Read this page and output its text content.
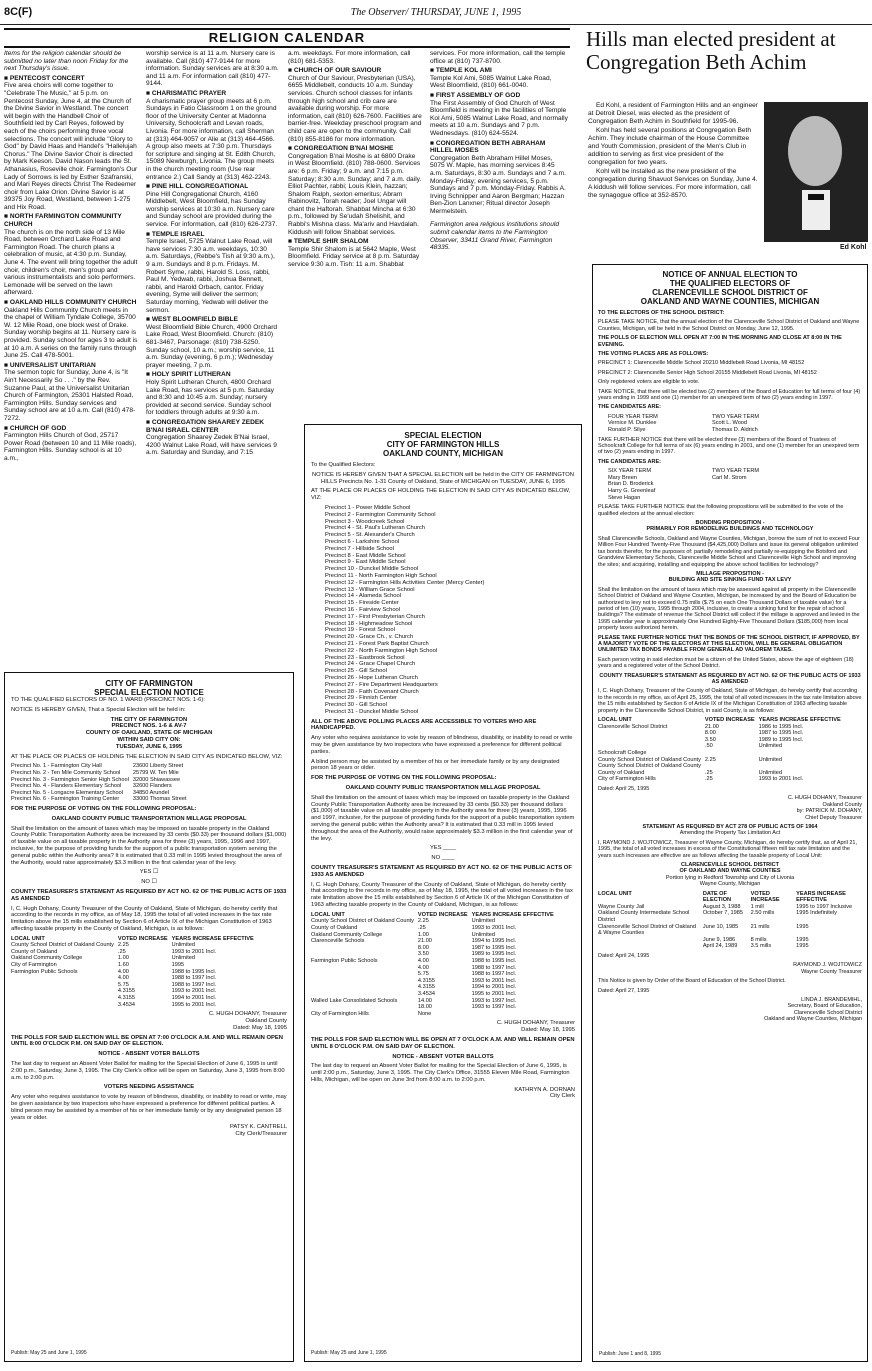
8C(F)	The Observer/ THURSDAY, JUNE 1, 1995
RELIGION CALENDAR

Items for the religion calendar should be submitted no later than noon Friday for the next Thursday's issue.

■ PENTECOST CONCERT
Five area choirs will come together to "Celebrate The Music," at 5 p.m. on Pentecost Sunday, June 4, at the Church of the Divine Savior in Westland. The concert will begin with the Handbell Choir of Southfield led by Carl Reyes, followed by each of the choirs performing three vocal selections. The concert will include "Glory to God" by David Haas and Handel's "Hallelujah Chorus." The Divine Savior Choir is directed by Mark Keeson. David Nason leads the St. Athanasius, Roseville choir. Farmington's Our Lady of Sorrows is led by Esther Szafranski, and Mari Reyes directs Christ The Redeemer choir from Lake Orion. Divine Savior is at 39375 Joy Road, Westland, between 1-275 and Hix Road.

■ NORTH FARMINGTON COMMUNITY CHURCH
The church is on the north side of 13 Mile Road, between Orchard Lake Road and Farmington Road. The church plans a celebration of music, at 4:30 p.m. Sunday, June 4. The event will bring together the adult choir, children's choir, men's group and various instrumentalists and solo performers. Lemonade will be served on the lawn afterward.

■ OAKLAND HILLS COMMUNITY CHURCH
Oakland Hills Community Church meets in the chapel of William Tyndale College, 35700 W. 12 Mile Road, one block west of Drake. Sunday worship begins at 11. Nursery care is provided. Sunday school for ages 3 to adult is at 10 a.m. A series on the family runs through June 25. Call 478-5001.

■ UNIVERSALIST UNITARIAN
The sermon topic for Sunday, June 4, is "It Ain't Necessarily So . . ." by the Rev. Suzanne Paul, at the Universalist Unitarian Church of Farmington, 25301 Halsted Road, Farmington Hills. Sunday services and Sunday school are at 10 a.m. Call (810) 478-7272.

■ CHURCH OF GOD
Farmington Hills Church of God, 25717 Power Road (between 10 and 11 Mile roads), Farmington Hills. Sunday school is at 10 a.m.,

worship service is at 11 a.m. Nursery care is available. Call (810) 477-9144 for more information. Sunday services are at 8:30 a.m. and 11 a.m. For information call (810) 477-9144.

■ CHARISMATIC PRAYER
A charismatic prayer group meets at 6 p.m. Sundays in Fatio Classroom 1 on the ground floor of the University Center at Madonna University, Schoolcraft and Levan roads, Livonia. For more information, call Sherman at (313) 464-9057 or Alie at (313) 464-4566. A group also meets at 7:30 p.m. Thursdays for scripture and singing at St. Edith Church, 15089 Newburgh, Livonia. The group meets in the church meeting room (Use rear entrance 2.) Call Sandy at (313) 462-2243.

■ PINE HILL CONGREGATIONAL
Pine Hill Congregational Church, 4160 Middlebelt, West Bloomfield, has Sunday worship services at 10:30 a.m. Nursery care and Sunday school are provided during the service. For information, call (810) 626-2737.

■ TEMPLE ISRAEL
Temple Israel, 5725 Walnut Lake Road, will have services 7:30 a.m. weekdays, 10:30 a.m. Saturdays, (Rebbe's Tish at 9:30 a.m.), 9 a.m. Sundays and 8 p.m. Fridays. M. Robert Syme, rabbi, Harold S. Loss, rabbi, Paul M. Yedwab, rabbi, Joshua Bennett, rabbi, and Harold Orbach, cantor. Friday evening, Syme will deliver the sermon; Saturday morning, Yedwab will deliver the sermon.

■ WEST BLOOMFIELD BIBLE
West Bloomfield Bible Church, 4900 Orchard Lake Road, West Bloomfield. Church: (810) 681-3467, Parsonage: (810) 738-5250. Sunday school, 10 a.m.; worship service, 11 a.m. Sunday (evening, 6 p.m.); Wednesday prayer meeting, 7 p.m.

■ HOLY SPIRIT LUTHERAN
Holy Spirit Lutheran Church, 4800 Orchard Lake Road, has services at 5 p.m. Saturday and 8:30 and 10:45 a.m. Sunday; nursery provided at second service. Sunday school for toddlers through adults at 9:30 a.m.

■ CONGREGATION SHAAREY ZEDEK B'NAI ISRAEL CENTER
Congregation Shaarey Zedek B'Nai Israel, 4200 Walnut Lake Road, will have services 9 a.m. Saturday and Sunday, and 7:15

a.m. weekdays. For more information, call (810) 681-5353.

■ CHURCH OF OUR SAVIOUR
Church of Our Saviour, Presbyterian (USA), 6655 Middlebelt, conducts 10 a.m. Sunday services. Church school classes for infants through high school and crib care are available during worship. For more information, call (810) 626-7600. Facilities are barrier-free. Weekday preschool program and child care are open to the community. Call (810) 855-8186 for more information.

■ CONGREGATION B'NAI MOSHE
Congregation B'nai Moshe is at 6800 Drake in West Bloomfield. (810) 788-0600. Services are: 6 p.m. Friday; 9 a.m. and 7:15 p.m. Saturday; 8:30 a.m. Sunday; and 7 a.m. daily. Elliot Pachter, rabbi; Louis Klein, hazzan; Shalom Ralph, sexton emeritus; Abram Rabinovitz, Torah reader; Joel Ungar will chant the Haftorah. Shabbat Mincha at 6:30 p.m., followed by Se'udah Shelishit, and Rabbi's Mishna class. Ma'ariv and Havdalah. Kiddush will follow Shabbat services.

■ TEMPLE SHIR SHALOM
Temple Shir Shalom is at 5642 Maple, West Bloomfield. Friday service at 8 p.m. Saturday service 9:30 a.m. Tish: 11 a.m. Shabbat

services. For more information, call the temple office at (810) 737-8700.

■ TEMPLE KOL AMI
Temple Kol Ami, 5085 Walnut Lake Road, West Bloomfield, (810) 661-0040.

■ FIRST ASSEMBLY OF GOD
The First Assembly of God Church of West Bloomfield is meeting in the facilities of Temple Kol Ami, 5085 Walnut Lake Road, and normally meets at 10 a.m. Sundays and 7 p.m. Wednesdays. (810) 624-5524.

■ CONGREGATION BETH ABRAHAM HILLEL MOSES
Congregation Beth Abraham Hillel Moses, 5075 W. Maple, has morning services 8:45 a.m. Saturdays, 8:30 a.m. Sundays and 7 a.m. Monday-Friday; evening services, 5 p.m. Sundays and 7 p.m. Monday-Friday. Rabbis A. Irving Schnipper and Aaron Bergman; Hazzan Ben-Zion Lanxner; Ritual director Joseph Mermelstein.

Farmington area religious institutions should submit calendar items to the Farmington Observer, 33411 Grand River, Farmington 48335.

Hills man elected president at Congregation Beth Achim

Ed Kohl, a resident of Farmington Hills and an engineer at Detroit Diesel, was elected as the president of Congregation Beth Achim in Southfield for 1995-96.

Kohl has held several positions at Congregation Beth Achim. They include chairman of the House Committee and Youth Commission, president of the Men's Club in addition to serving as first vice president of the congregation for two years.

Kohl will be installed as the new president of the congregation during Shavuot Services on Sunday, June 4. A kiddush will follow services. For more information, call the synagogue office at 352-8570.

Ed Kohl
CITY OF FARMINGTON
SPECIAL ELECTION NOTICE

TO THE QUALIFIED ELECTORS OF NO. 1 WARD (PRECINCT NOS. 1-6):

NOTICE IS HEREBY GIVEN, That a Special Election will be held in:

THE CITY OF FARMINGTON

PRECINCT NOS. 1-6 & AV-7

COUNTY OF OAKLAND, STATE OF MICHIGAN

WITHIN SAID CITY ON:

TUESDAY, JUNE 6, 1995

AT THE PLACE OR PLACES OF HOLDING THE ELECTION IN SAID CITY AS INDICATED BELOW, VIZ:

Precinct No. 1 - Farmington City Hall	23600 Liberty Street
Precinct No. 2 - Ten Mile Community School	25799 W. Ten Mile
Precinct No. 3 - Farmington Senior High School	32000 Shiawassee
Precinct No. 4 - Flanders Elementary School	32600 Flanders
Precinct No. 5 - Longacre Elementary School	34850 Arundel
Precinct No. 6 - Farmington Training Center	33000 Thomas Street

FOR THE PURPOSE OF VOTING ON THE FOLLOWING PROPOSAL:

OAKLAND COUNTY PUBLIC TRANSPORTATION MILLAGE PROPOSAL

Shall the limitation on the amount of taxes which may be imposed on taxable property in the Oakland County Public Transportation Authority area be increased by 33 cents ($0.33) per thousand dollars ($1,000) of taxable value on all taxable property in the Authority area for three (3) years, 1995, 1996 and 1997, inclusive, for the purpose of providing funds for the support of a public transportation system serving the general public within the Authority area? It is estimated that 0.33 mill in 1995 levied throughout the area of the Authority, would raise approximately $3.3 million in the first calendar year of the levy.

YES ☐

NO ☐

COUNTY TREASURER'S STATEMENT AS REQUIRED BY ACT NO. 62 OF THE PUBLIC ACTS OF 1933 AS AMENDED

I, C. Hugh Dohany, County Treasurer of the County of Oakland, State of Michigan, do hereby certify that according to the records in my office, as of May 18, 1995 the total of all voted increases in the tax rate limitation above the 15 mills established by Section 6 of Article IX of the Michigan Constitution of 1963 affecting taxable property in the County of Oakland, Michigan, is as follows:

LOCAL UNIT	VOTED INCREASE	YEARS INCREASE EFFECTIVE
County School District of Oakland County	2.25	Unlimited
County of Oakland	.25	1993 to 2001 Incl.
Oakland Community College	1.00	Unlimited
City of Farmington	1.60	1995
Farmington Public Schools	4.00	1988 to 1995 Incl.
	4.00	1988 to 1997 Incl.
	5.75	1988 to 1997 Incl.
	4.3155	1993 to 2001 Incl.
	4.3155	1994 to 2001 Incl.
	3.4534	1995 to 2001 Incl.

C. HUGH DOHANY, Treasurer
Oakland County
Dated: May 18, 1995

THE POLLS FOR SAID ELECTION WILL BE OPEN AT 7:00 O'CLOCK A.M. AND WILL REMAIN OPEN UNTIL 8:00 O'CLOCK P.M. ON SAID DAY OF ELECTION.

NOTICE - ABSENT VOTER BALLOTS

The last day to request an Absent Voter Ballot for mailing for the Special Election of June 6, 1995 is until 2:00 p.m., Saturday, June 3, 1995. The City Clerk's office will be open on Saturday, June 3, 1995 from 8:00 a.m. to 2:00 p.m.

VOTERS NEEDING ASSISTANCE

Any voter who requires assistance to vote by reason of blindness, disability, or inability to read or write, may be given assistance by two inspectors who have expressed a preference for different political parties. A blind person may be assisted by a member of his or her immediate family or by any designated person 18 years or older.

PATSY K. CANTRELL
City Clerk/Treasurer

Publish: May 25 and June 1, 1995
SPECIAL ELECTION
CITY OF FARMINGTON HILLS
OAKLAND COUNTY, MICHIGAN

To the Qualified Electors:

NOTICE IS HEREBY GIVEN THAT A SPECIAL ELECTION will be held in the CITY OF FARMINGTON HILLS Precincts No. 1-31 County of Oakland, State of MICHIGAN on TUESDAY, JUNE 6, 1995

AT THE PLACE OR PLACES OF HOLDING THE ELECTION IN SAID CITY AS INDICATED BELOW, VIZ:

Precinct 1 - Power Middle School
Precinct 2 - Farmington Community School
Precinct 3 - Woodcreek School
Precinct 4 - St. Paul's Lutheran Church
Precinct 5 - St. Alexander's Church
Precinct 6 - Larkshire School
Precinct 7 - Hillside School
Precinct 8 - East Middle School
Precinct 9 - East Middle School
Precinct 10 - Dunckel Middle School
Precinct 11 - North Farmington High School
Precinct 12 - Farmington Hills Activities Center (Mercy Center)
Precinct 13 - William Grace School
Precinct 14 - Alameda School
Precinct 15 - Fireside Center
Precinct 16 - Fairview School
Precinct 17 - First Presbyterian Church
Precinct 18 - Highmeadow School
Precinct 19 - Forest School
Precinct 20 - Grace Ch., v. Church
Precinct 21 - Forest Park Baptist Church
Precinct 22 - North Farmington High School
Precinct 23 - Eastbrook School
Precinct 24 - Grace Chapel Church
Precinct 25 - Gill School
Precinct 26 - Hope Lutheran Church
Precinct 27 - Fire Department Headquarters
Precinct 28 - Faith Covenant Church
Precinct 29 - Finnish Center
Precinct 30 - Gill School
Precinct 31 - Dunckel Middle School

ALL OF THE ABOVE POLLING PLACES ARE ACCESSIBLE TO VOTERS WHO ARE HANDICAPPED.

Any voter who requires assistance to vote by reason of blindness, disability, or inability to read or write may be given assistance by two inspectors who have expressed a preference for different political parties.

A blind person may be assisted by a member of his or her immediate family or by any designated person 18 years or older.

FOR THE PURPOSE OF VOTING ON THE FOLLOWING PROPOSAL:

OAKLAND COUNTY PUBLIC TRANSPORTATION MILLAGE PROPOSAL

Shall the limitation on the amount of taxes which may be imposed on taxable property in the Oakland County Public Transportation Authority area be increased by 33 cents ($0.33) per thousand dollars ($1,000) of taxable value on all taxable property in the Authority area for three (3) years, 1995, 1996 and 1997, inclusive, for the purpose of providing funds for the support of a public transportation system serving the general public within the Authority area? It is estimated that 0.33 mill in 1995 levied throughout the area of the Authority, would raise approximately $3.3 million in the first calendar year of the levy.

YES ____

NO ____

COUNTY TREASURER'S STATEMENT AS REQUIRED BY ACT NO. 62 OF THE PUBLIC ACTS OF 1933 AS AMENDED

I, C. Hugh Dohany, County Treasurer of the County of Oakland, State of Michigan, do hereby certify that according to the records in my office, as of May 18, 1995, the total of all voted increases in the tax rate limitation above the 15 mills established by Section 6 of Article IX of the Michigan Constitution of 1963 affecting taxable property in the County of Oakland, Michigan, is as follows:

LOCAL UNIT	VOTED INCREASE	YEARS INCREASE EFFECTIVE
County School District of Oakland County	2.25	Unlimited
County of Oakland	.25	1993 to 2001 Incl.
Oakland Community College	1.00	Unlimited
Clarenceville Schools	21.00	1994 to 1995 Incl.
	8.00	1987 to 1995 Incl.
	3.50	1989 to 1995 Incl.
Farmington Public Schools	4.00	1988 to 1995 Incl.
	4.00	1988 to 1997 Incl.
	5.75	1988 to 1997 Incl.
	4.3155	1993 to 2001 Incl.
	4.3155	1994 to 2001 Incl.
	3.4534	1995 to 2001 Incl.
Walled Lake Consolidated Schools	14.00	1993 to 1997 Incl.
	18.00	1993 to 1997 Incl.
City of Farmington Hills	None	

C. HUGH DOHANY, Treasurer
Dated: May 18, 1995

THE POLLS FOR SAID ELECTION WILL BE OPEN AT 7 O'CLOCK A.M. AND WILL REMAIN OPEN UNTIL 8 O'CLOCK P.M. ON SAID DAY OF ELECTION.

NOTICE - ABSENT VOTER BALLOTS

The last day to request an Absent Voter Ballot for mailing for the Special Election of June 6, 1995, is until 2:00 p.m., Saturday, June 3, 1995. The City Clerk's Office, 31555 Eleven Mile Road, Farmington Hills, Michigan, will be open on June 3rd from 8:00 a.m. to 2:00 p.m.

KATHRYN A. DORNAN
City Clerk

Publish: May 25 and June 1, 1995
NOTICE OF ANNUAL ELECTION TO
THE QUALIFIED ELECTORS OF
CLARENCEVILLE SCHOOL DISTRICT OF
OAKLAND AND WAYNE COUNTIES, MICHIGAN

TO THE ELECTORS OF THE SCHOOL DISTRICT:

PLEASE TAKE NOTICE, that the annual election of the Clarenceville School District of Oakland and Wayne Counties, Michigan, will be held in the School District on Monday, June 12, 1995.

THE POLLS OF ELECTION WILL OPEN AT 7:00 IN THE MORNING AND CLOSE AT 8:00 IN THE EVENING.

THE VOTING PLACES ARE AS FOLLOWS:

PRECINCT 1: Clarenceville Middle School 20210 Middlebelt Road Livonia, MI 48152

PRECINCT 2: Clarenceville Senior High School 20155 Middlebelt Road Livonia, MI 48152

Only registered voters are eligible to vote.

TAKE NOTICE, that there will be elected two (2) members of the Board of Education for full terms of four (4) years ending in 1999 and one (1) member for an unexpired term of two (2) years ending in 1997.

THE CANDIDATES ARE:

FOUR YEAR TERM	TWO YEAR TERM
Vernice M. Dunklee	Scott L. Wood
Ronald P. Silye	Thomas D. Aldrich

TAKE FURTHER NOTICE that there will be elected three (3) members of the Board of Trustees of Schoolcraft College for full terms of six (6) years ending in 2001, and one (1) member for an unexpired term of two (2) years ending in 1997.

THE CANDIDATES ARE:

SIX YEAR TERM	TWO YEAR TERM
Mary Breen	Carl M. Strom
Brian D. Broderick	
Harry G. Greenleaf	
Steve Hagan	

PLEASE TAKE FURTHER NOTICE that the following propositions will be submitted to the vote of the qualified electors at the annual election:

BONDING PROPOSITION -

PRIMARILY FOR REMODELING BUILDINGS AND TECHNOLOGY

Shall Clarenceville Schools, Oakland and Wayne Counties, Michigan, borrow the sum of not to exceed Four Million Four Hundred Twenty-Five Thousand ($4,425,000) Dollars and issue its general obligation unlimited tax bonds therefor, for the purposes of: partially remodeling and partially re-equipping the Botsford and Grandview Elementary Schools, Clarenceville Middle School and Clarenceville High School and improving the sites; and acquiring, installing and equipping the above school facilities for technology?

MILLAGE PROPOSITION -

BUILDING AND SITE SINKING FUND TAX LEVY

Shall the limitation on the amount of taxes which may be assessed against all property in the Clarenceville School District of Oakland and Wayne Counties, Michigan, be increased by and the Board of Education be authorized to levy not to exceed 0.75 mills ($.75 on each One Thousand Dollars of taxable value) for a period of ten (10) years, 1995 through 2004, inclusive, to create a sinking fund for the repair of school buildings? The estimate of revenue the School District will collect if the millage is approved and levied in the 1995 calendar year is approximately One Hundred Eighty-Five Thousand Dollars ($185,000) from local property taxes authorized herein.

PLEASE TAKE FURTHER NOTICE THAT THE BONDS OF THE SCHOOL DISTRICT, IF APPROVED, BY A MAJORITY VOTE OF THE ELECTORS AT THIS ELECTION, WILL BE GENERAL OBLIGATION UNLIMITED TAX BONDS PAYABLE FROM GENERAL AD VALOREM TAXES.

Each person voting in said election must be a citizen of the United States, above the age of eighteen (18) years and a registered voter of the School District.

COUNTY TREASURER'S STATEMENT AS REQUIRED BY ACT NO. 62 OF THE PUBLIC ACTS OF 1933 AS AMENDED

I, C. Hugh Dohany, Treasurer of the County of Oakland, State of Michigan, do hereby certify that according to the records in my office, as of April 25, 1995, the total of all voted increases in the tax rate limitation above the 15 mills established by Section 6 of Article IX of the Michigan Constitution of 1963 affecting taxable property in the Clarenceville School District, in said County, is as follows:

LOCAL UNIT	VOTED INCREASE	YEARS INCREASE EFFECTIVE
Clarenceville School District	21.00	1986 to 1995 Incl.
	8.00	1987 to 1995 Incl.
	3.50	1989 to 1995 Incl.
	.50	Unlimited
Schoolcraft College		
County School District of Oakland County	2.25	Unlimited
County School District of Oakland County		
County of Oakland	.25	Unlimited
City of Farmington Hills	.25	1993 to 2001 Incl.

Dated: April 25, 1995

C. HUGH DOHANY, Treasurer
Oakland County
by: PATRICK M. DOHANY,
Chief Deputy Treasurer

STATEMENT AS REQUIRED BY ACT 278 OF PUBLIC ACTS OF 1964

Amending the Property Tax Limitation Act

I, RAYMOND J. WOJTOWICZ, Treasurer of Wayne County, Michigan, do hereby certify that, as of April 21, 1995, the total of all voted increases in excess of the Constitutional fifteen mill tax rate limitation and the years such increases are effective are as follows affecting the taxable property of Local Unit:

CLARENCEVILLE SCHOOL DISTRICT

OF OAKLAND AND WAYNE COUNTIES

Portion lying in Redford Township and City of Livonia

Wayne County, Michigan

LOCAL UNIT	DATE OF ELECTION	VOTED INCREASE	YEARS INCREASE EFFECTIVE
Wayne County Jail	August 3, 1988	1 mill	1995 to 1997 Inclusive
Oakland County Intermediate School District	October 7, 1985	2.50 mills	1995 Indefinitely
Clarenceville School District of Oakland & Wayne Counties	June 10, 1985	21 mills	1995
	June 9, 1986	8 mills	1995
	April 24, 1989	3.5 mills	1995

Dated: April 24, 1995

RAYMOND J. WOJTOWICZ
Wayne County Treasurer

This Notice is given by Order of the Board of Education of the School District.

Dated: April 27, 1995

LINDA J. BRANDEMIHL,
Secretary, Board of Education,
Clarenceville School District
Oakland and Wayne Counties, Michigan

Publish: June 1 and 8, 1995
